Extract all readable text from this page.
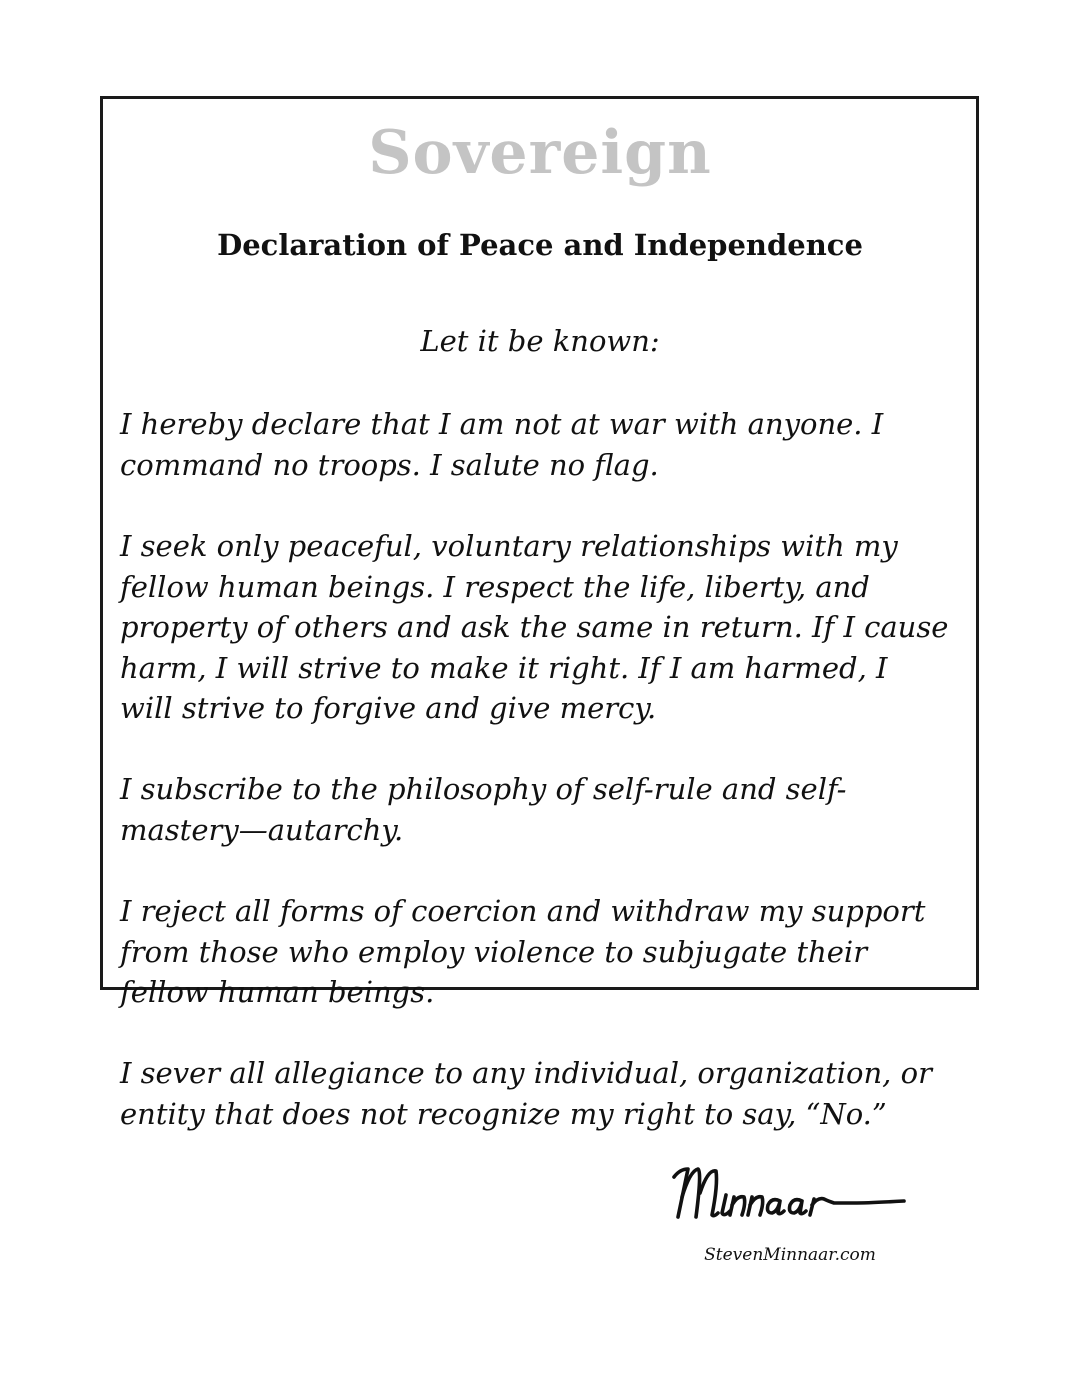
Sovereign
Declaration of Peace and Independence

Let it be known:

I hereby declare that I am not at war with anyone. I
command no troops. I salute no flag.

I seek only peaceful, voluntary relationships with my
fellow human beings. I respect the life, liberty, and
property of others and ask the same in return. If I cause
harm, I will strive to make it right. If I am harmed, I
will strive to forgive and give mercy.

I subscribe to the philosophy of self-rule and self-
mastery—autarchy.

I reject all forms of coercion and withdraw my support
from those who employ violence to subjugate their
fellow human beings.

I sever all allegiance to any individual, organization, or
entity that does not recognize my right to say, “No.”

StevenMinnaar.com
